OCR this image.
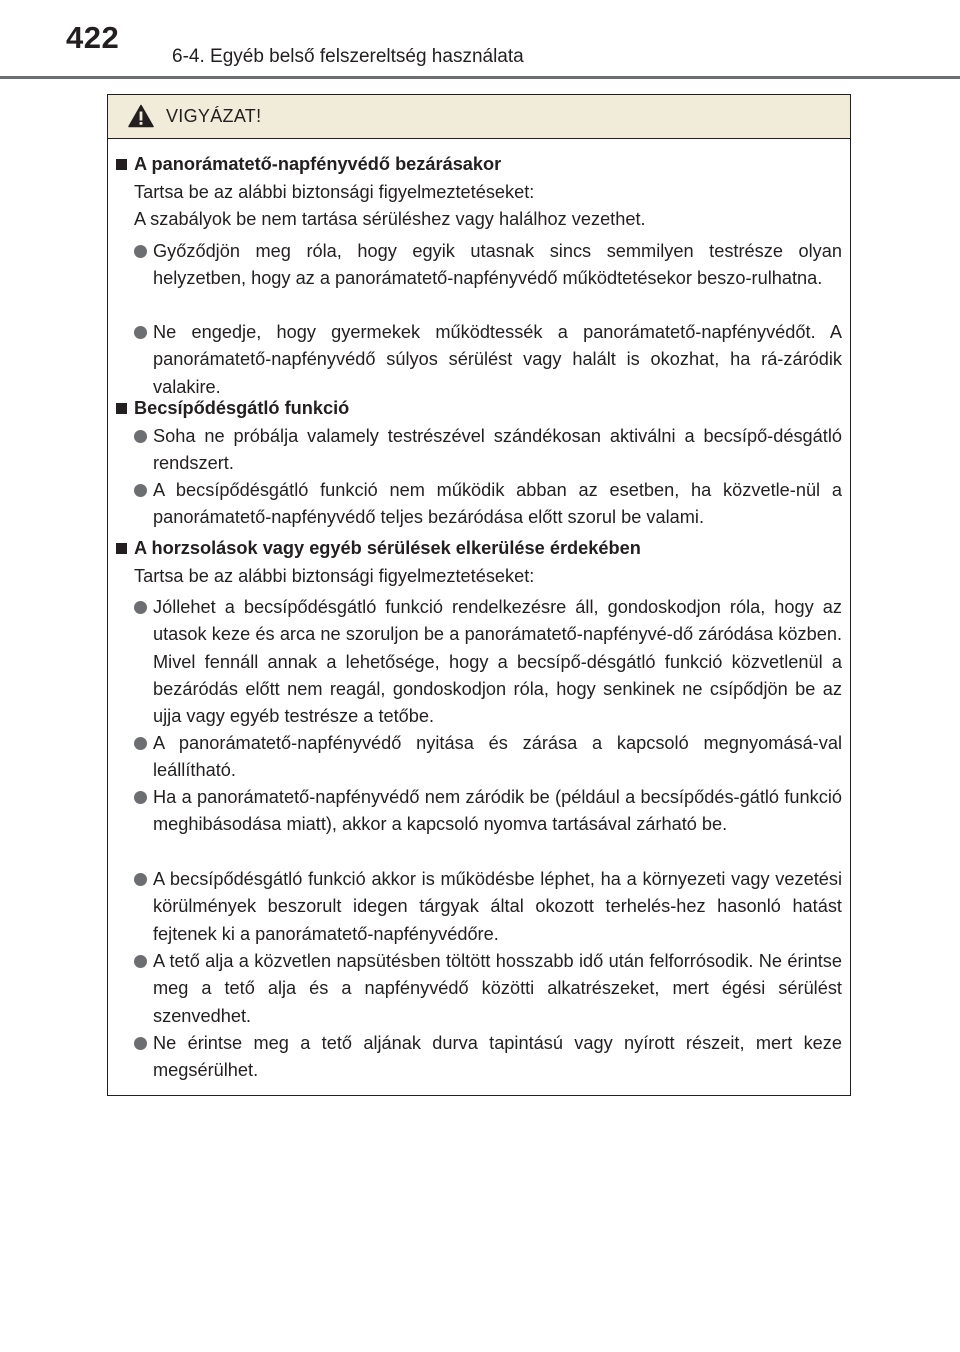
422
6-4. Egyéb belső felszereltség használata
VIGYÁZAT!
A panorámatető-napfényvédő bezárásakor
Tartsa be az alábbi biztonsági figyelmeztetéseket:
A szabályok be nem tartása sérüléshez vagy halálhoz vezethet.
Győződjön meg róla, hogy egyik utasnak sincs semmilyen testrésze olyan helyzetben, hogy az a panorámatető-napfényvédő működtetésekor beszo-rulhatna.
Ne engedje, hogy gyermekek működtessék a panorámatető-napfényvédőt. A panorámatető-napfényvédő súlyos sérülést vagy halált is okozhat, ha rá-záródik valakire.
Becsípődésgátló funkció
Soha ne próbálja valamely testrészével szándékosan aktiválni a becsípő-désgátló rendszert.
A becsípődésgátló funkció nem működik abban az esetben, ha közvetle-nül a panorámatető-napfényvédő teljes bezáródása előtt szorul be valami.
A horzsolások vagy egyéb sérülések elkerülése érdekében
Tartsa be az alábbi biztonsági figyelmeztetéseket:
Jóllehet a becsípődésgátló funkció rendelkezésre áll, gondoskodjon róla, hogy az utasok keze és arca ne szoruljon be a panorámatető-napfényvé-dő záródása közben. Mivel fennáll annak a lehetősége, hogy a becsípő-désgátló funkció közvetlenül a bezáródás előtt nem reagál, gondoskodjon róla, hogy senkinek ne csípődjön be az ujja vagy egyéb testrésze a tetőbe.
A panorámatető-napfényvédő nyitása és zárása a kapcsoló megnyomásá-val leállítható.
Ha a panorámatető-napfényvédő nem záródik be (például a becsípődés-gátló funkció meghibásodása miatt), akkor a kapcsoló nyomva tartásával zárható be.
A becsípődésgátló funkció akkor is működésbe léphet, ha a környezeti vagy vezetési körülmények beszorult idegen tárgyak által okozott terhelés-hez hasonló hatást fejtenek ki a panorámatető-napfényvédőre.
A tető alja a közvetlen napsütésben töltött hosszabb idő után felforrósodik. Ne érintse meg a tető alja és a napfényvédő közötti alkatrészeket, mert égési sérülést szenvedhet.
Ne érintse meg a tető aljának durva tapintású vagy nyírott részeit, mert keze megsérülhet.
